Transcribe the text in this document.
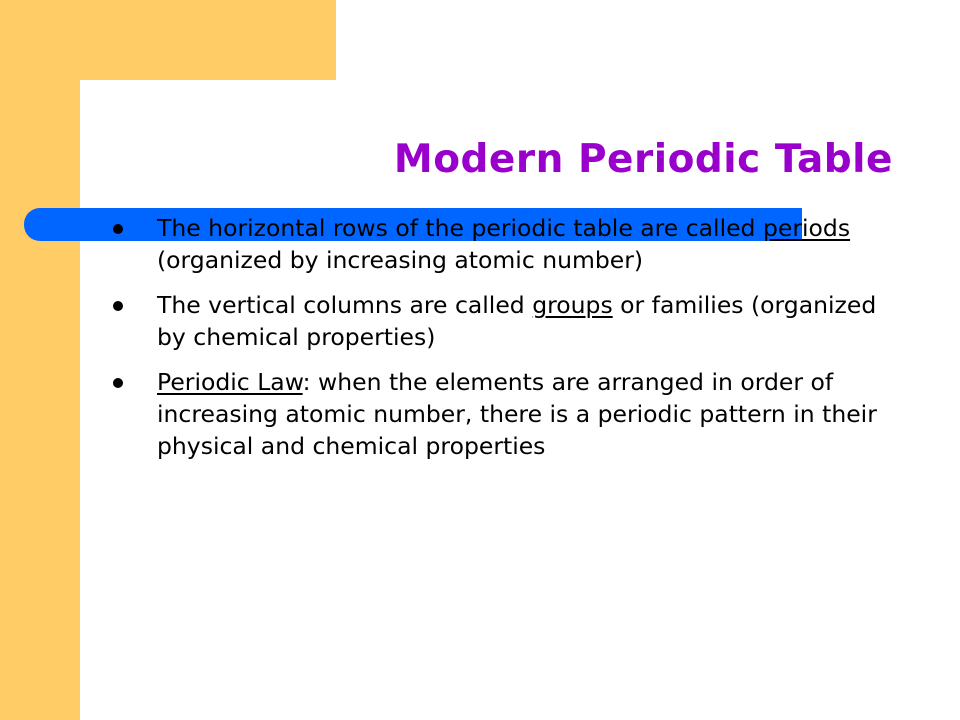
Modern Periodic Table
The horizontal rows of the periodic table are called periods (organized by increasing atomic number)
The vertical columns are called groups or families (organized by chemical properties)
Periodic Law: when the elements are arranged in order of increasing atomic number, there is a periodic pattern in their physical and chemical properties
